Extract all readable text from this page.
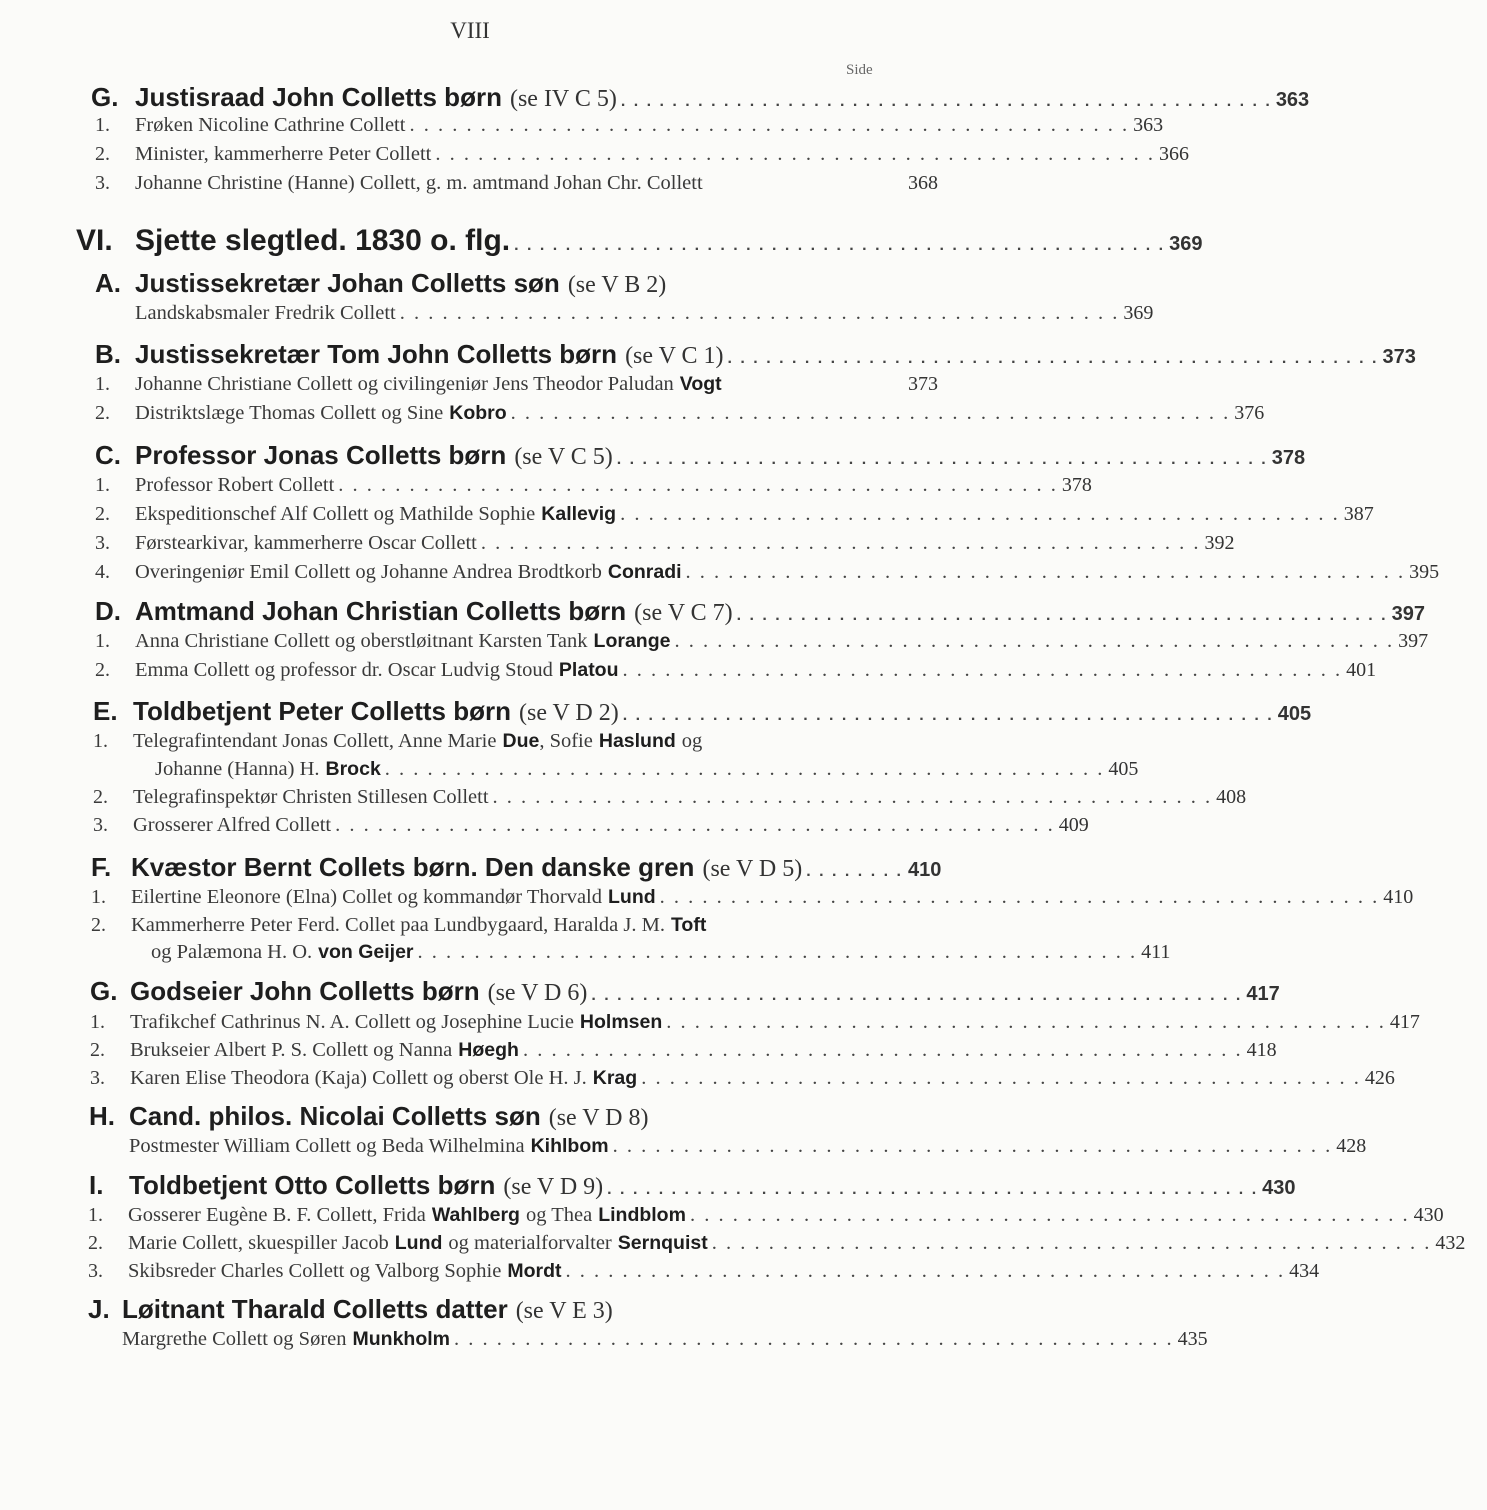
VIII
Side
G. Justisraad John Colletts børn (se IV C 5) . . . . . . . . . . . . . . . . . . . . . . . . . . . . . . . . . . . . . . . . . . . . . . . . . . . 363
1.	Frøken Nicoline Cathrine Collett . . . . . . . . . . . . . . . . . . . . . . . . . . . . . . . . . . . . . . . . . . . . . . . . . . . 363
2.	Minister, kammerherre Peter Collett . . . . . . . . . . . . . . . . . . . . . . . . . . . . . . . . . . . . . . . . . . . . . . . . . . . 366
3.	Johanne Christine (Hanne) Collett, g. m. amtmand Johan Chr. Collett	368
VI. Sjette slegtled. 1830 o. flg. . . . . . . . . . . . . . . . . . . . . . . . . . . . . . . . . . . . . . . . . . . . . . . . . . . . 369
A. Justissekretær Johan Colletts søn (se V B 2)
Landskabsmaler Fredrik Collett . . . . . . . . . . . . . . . . . . . . . . . . . . . . . . . . . . . . . . . . . . . . . . . . . . . 369
B. Justissekretær Tom John Colletts børn (se V C 1) . . . . . . . . . . . . . . . . . . . . . . . . . . . . . . . . . . . . . . . . . . . . . . . . . . . 373
1.	Johanne Christiane Collett og civilingeniør Jens Theodor Paludan Vogt	373
2.	Distriktslæge Thomas Collett og Sine Kobro . . . . . . . . . . . . . . . . . . . . . . . . . . . . . . . . . . . . . . . . . . . . . . . . . . . 376
C. Professor Jonas Colletts børn (se V C 5) . . . . . . . . . . . . . . . . . . . . . . . . . . . . . . . . . . . . . . . . . . . . . . . . . . . 378
1.	Professor Robert Collett . . . . . . . . . . . . . . . . . . . . . . . . . . . . . . . . . . . . . . . . . . . . . . . . . . . 378
2.	Ekspeditionschef Alf Collett og Mathilde Sophie Kallevig . . . . . . . . . . . . . . . . . . . . . . . . . . . . . . . . . . . . . . . . . . . . . . . . . . . 387
3.	Førstearkivar, kammerherre Oscar Collett . . . . . . . . . . . . . . . . . . . . . . . . . . . . . . . . . . . . . . . . . . . . . . . . . . . 392
4.	Overingeniør Emil Collett og Johanne Andrea Brodtkorb Conradi . . . . . . . . . . . . . . . . . . . . . . . . . . . . . . . . . . . . . . . . . . . . . . . . . . . 395
D. Amtmand Johan Christian Colletts børn (se V C 7) . . . . . . . . . . . . . . . . . . . . . . . . . . . . . . . . . . . . . . . . . . . . . . . . . . . 397
1.	Anna Christiane Collett og oberstløitnant Karsten Tank Lorange . . . . . . . . . . . . . . . . . . . . . . . . . . . . . . . . . . . . . . . . . . . . . . . . . . . 397
2.	Emma Collett og professor dr. Oscar Ludvig Stoud Platou . . . . . . . . . . . . . . . . . . . . . . . . . . . . . . . . . . . . . . . . . . . . . . . . . . . 401
E. Toldbetjent Peter Colletts børn (se V D 2) . . . . . . . . . . . . . . . . . . . . . . . . . . . . . . . . . . . . . . . . . . . . . . . . . . . 405
1.	Telegrafintendant Jonas Collett, Anne Marie Due , Sofie Haslund og
Johanne (Hanna) H. Brock . . . . . . . . . . . . . . . . . . . . . . . . . . . . . . . . . . . . . . . . . . . . . . . . . . . 405
2.	Telegrafinspektør Christen Stillesen Collett . . . . . . . . . . . . . . . . . . . . . . . . . . . . . . . . . . . . . . . . . . . . . . . . . . . 408
3.	Grosserer Alfred Collett . . . . . . . . . . . . . . . . . . . . . . . . . . . . . . . . . . . . . . . . . . . . . . . . . . . 409
F. Kvæstor Bernt Collets børn. Den danske gren (se V D 5) . . . . . . . . 410
1.	Eilertine Eleonore (Elna) Collet og kommandør Thorvald Lund . . . . . . . . . . . . . . . . . . . . . . . . . . . . . . . . . . . . . . . . . . . . . . . . . . . 410
2.	Kammerherre Peter Ferd. Collet paa Lundbygaard, Haralda J. M. Toft
og Palæmona H. O. von Geijer . . . . . . . . . . . . . . . . . . . . . . . . . . . . . . . . . . . . . . . . . . . . . . . . . . . 411
G. Godseier John Colletts børn (se V D 6) . . . . . . . . . . . . . . . . . . . . . . . . . . . . . . . . . . . . . . . . . . . . . . . . . . . 417
1.	Trafikchef Cathrinus N. A. Collett og Josephine Lucie Holmsen . . . . . . . . . . . . . . . . . . . . . . . . . . . . . . . . . . . . . . . . . . . . . . . . . . . 417
2.	Brukseier Albert P. S. Collett og Nanna Høegh . . . . . . . . . . . . . . . . . . . . . . . . . . . . . . . . . . . . . . . . . . . . . . . . . . . 418
3.	Karen Elise Theodora (Kaja) Collett og oberst Ole H. J. Krag . . . . . . . . . . . . . . . . . . . . . . . . . . . . . . . . . . . . . . . . . . . . . . . . . . . 426
H. Cand. philos. Nicolai Colletts søn (se V D 8)
Postmester William Collett og Beda Wilhelmina Kihlbom . . . . . . . . . . . . . . . . . . . . . . . . . . . . . . . . . . . . . . . . . . . . . . . . . . . 428
I. Toldbetjent Otto Colletts børn (se V D 9) . . . . . . . . . . . . . . . . . . . . . . . . . . . . . . . . . . . . . . . . . . . . . . . . . . . 430
1.	Gosserer Eugène B. F. Collett, Frida Wahlberg og Thea Lindblom . . . . . . . . . . . . . . . . . . . . . . . . . . . . . . . . . . . . . . . . . . . . . . . . . . . 430
2.	Marie Collett, skuespiller Jacob Lund og materialforvalter Sernquist . . . . . . . . . . . . . . . . . . . . . . . . . . . . . . . . . . . . . . . . . . . . . . . . . . . 432
3.	Skibsreder Charles Collett og Valborg Sophie Mordt . . . . . . . . . . . . . . . . . . . . . . . . . . . . . . . . . . . . . . . . . . . . . . . . . . . 434
J. Løitnant Tharald Colletts datter (se V E 3)
Margrethe Collett og Søren Munkholm . . . . . . . . . . . . . . . . . . . . . . . . . . . . . . . . . . . . . . . . . . . . . . . . . . . 435
